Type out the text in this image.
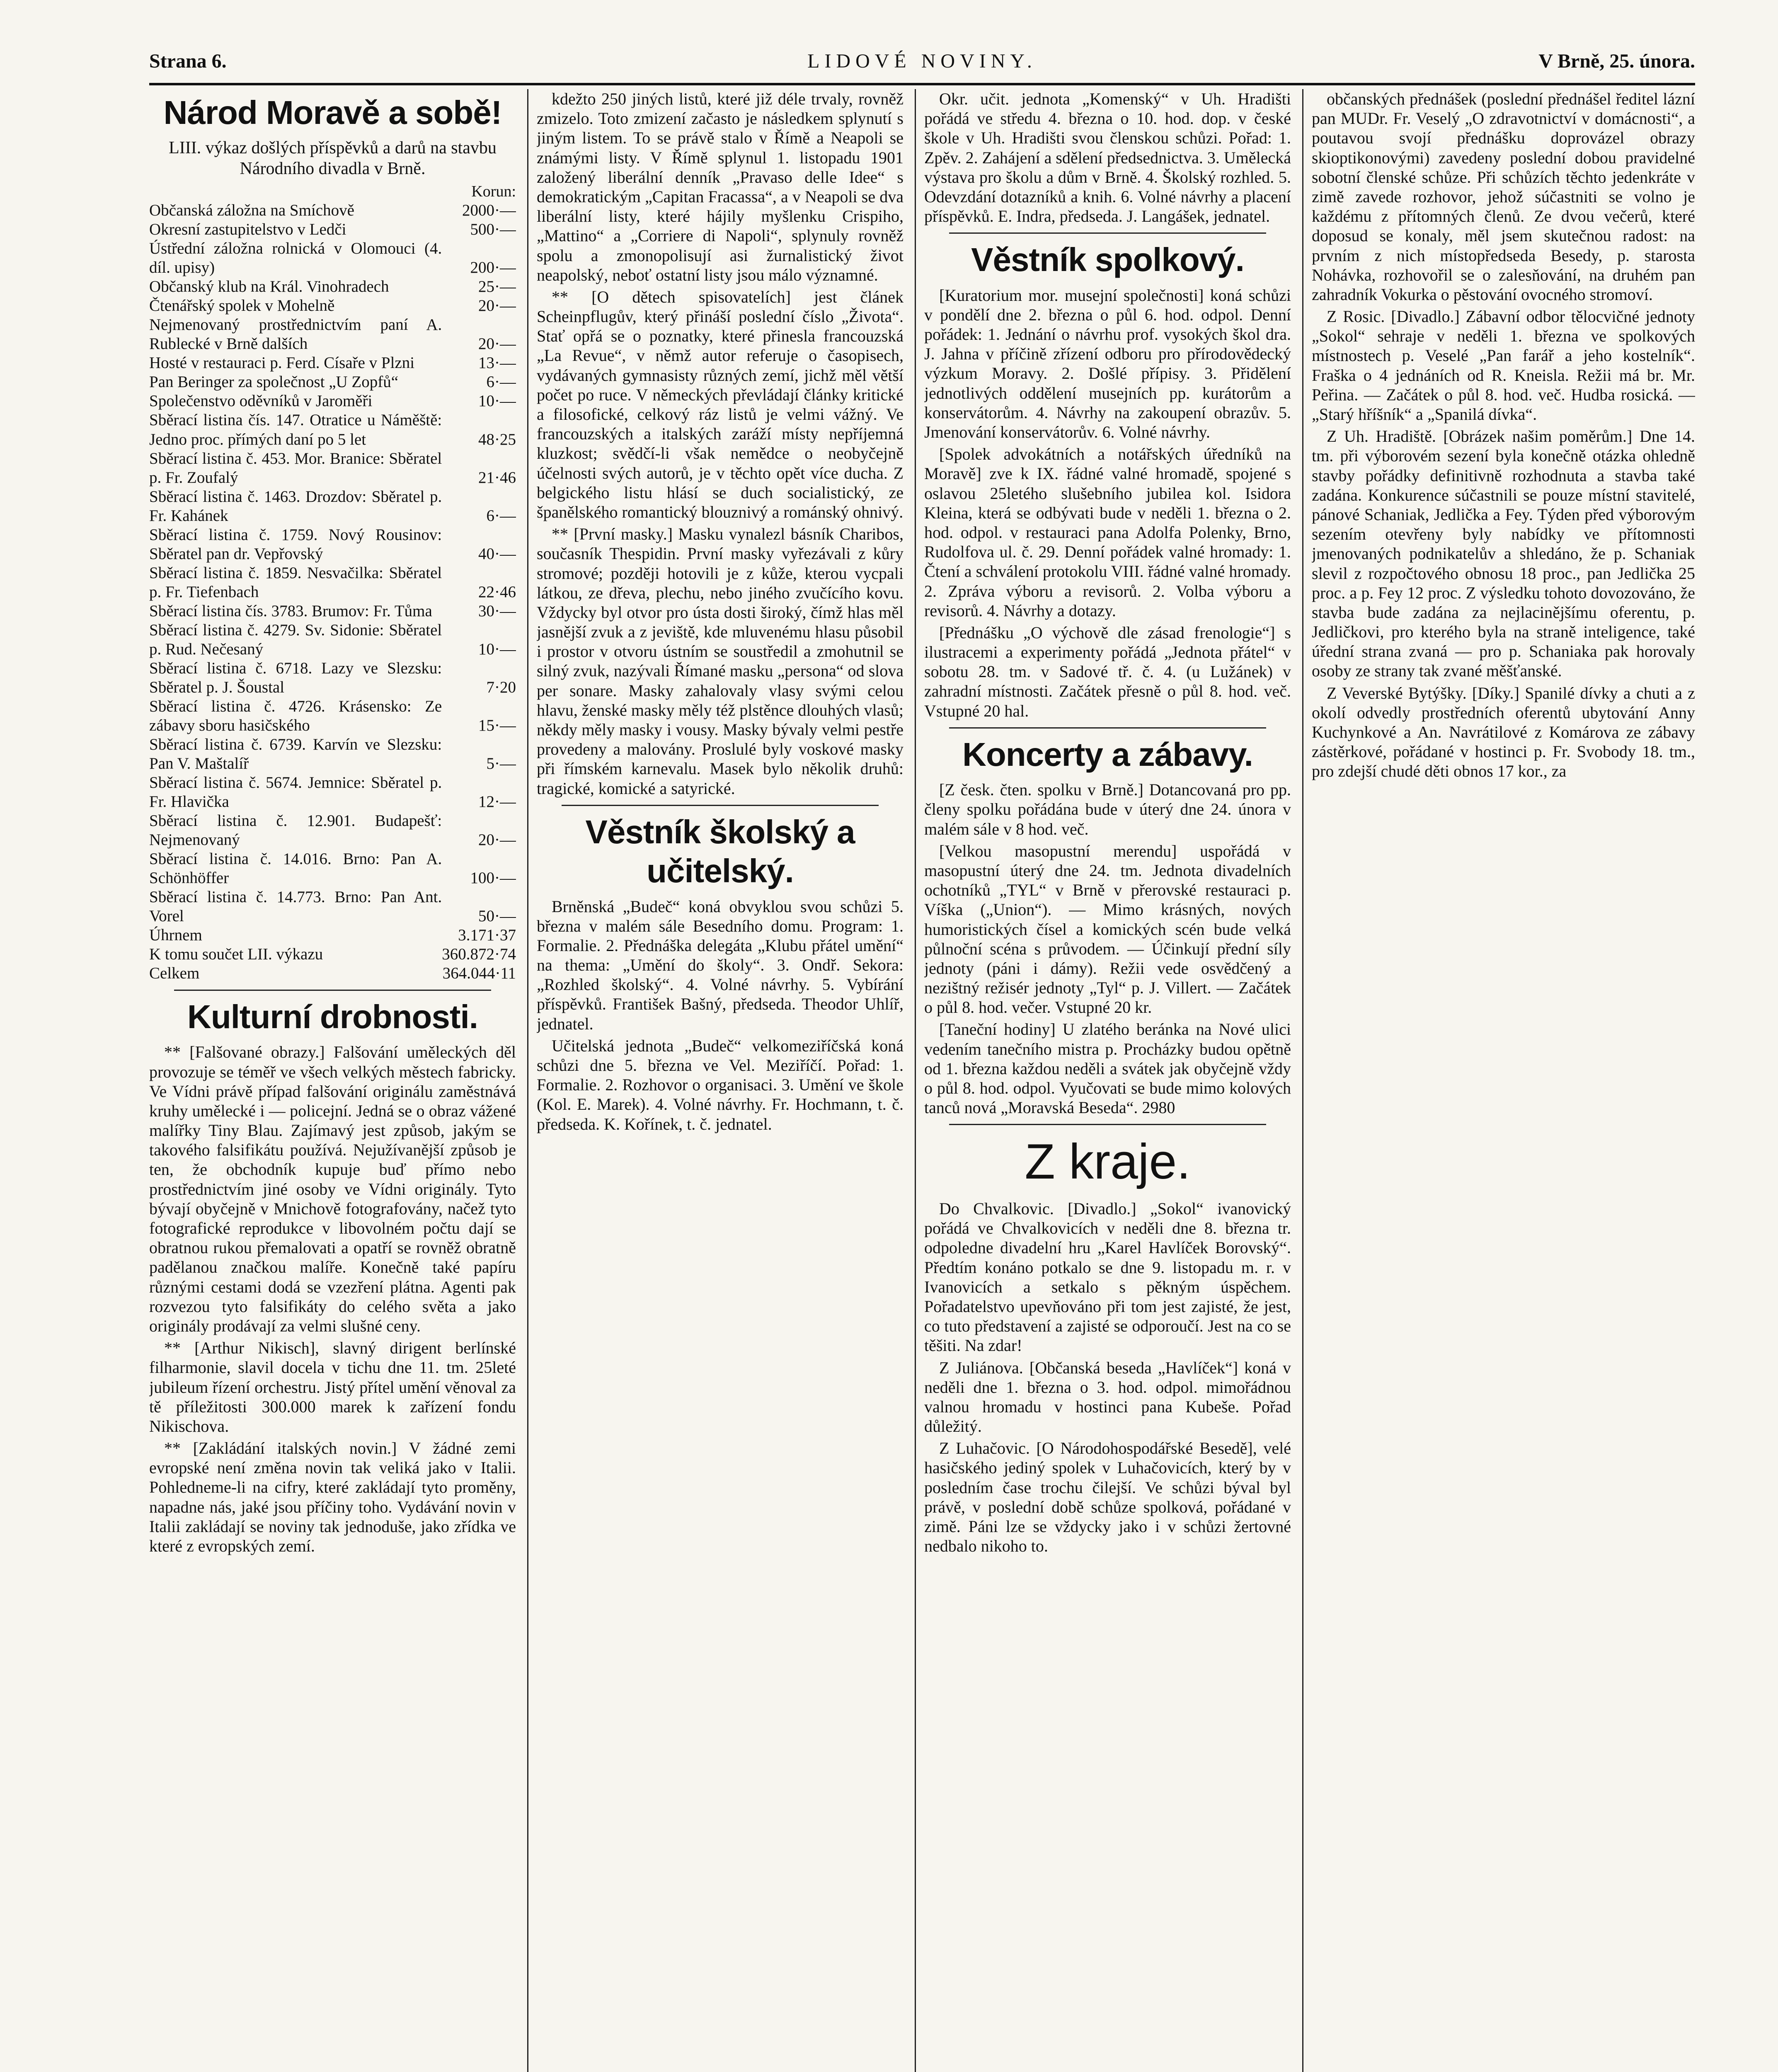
Strana 6.	LIDOVÉ NOVINY.	V Brně, 25. února.
Národ Moravě a sobě!
LIII. výkaz došlých příspěvků a darů na stavbu Národního divadla v Brně.
Korun:
Občanská záložna na Smíchově	2000·—
Okresní zastupitelstvo v Ledči	500·—
Ústřední záložna rolnická v Olomouci (4. díl. upisy)	200·—
Občanský klub na Král. Vinohradech	25·—
Čtenářský spolek v Mohelně	20·—
Nejmenovaný prostřednictvím paní A. Rublecké v Brně dalších	20·—
Hosté v restauraci p. Ferd. Císaře v Plzni	13·—
Pan Beringer za společnost „U Zopfů“	6·—
Společenstvo oděvníků v Jaroměři	10·—
Sběrací listina čís. 147. Otratice u Náměště: Jedno proc. přímých daní po 5 let	48·25
Sběrací listina č. 453. Mor. Branice: Sběratel p. Fr. Zoufalý	21·46
Sběrací listina č. 1463. Drozdov: Sběratel p. Fr. Kahánek	6·—
Sběrací listina č. 1759. Nový Rousinov: Sběratel pan dr. Vepřovský	40·—
Sběrací listina č. 1859. Nesvačilka: Sběratel p. Fr. Tiefenbach	22·46
Sběrací listina čís. 3783. Brumov: Fr. Tůma	30·—
Sběrací listina č. 4279. Sv. Sidonie: Sběratel p. Rud. Nečesaný	10·—
Sběrací listina č. 6718. Lazy ve Slezsku: Sběratel p. J. Šoustal	7·20
Sběrací listina č. 4726. Krásensko: Ze zábavy sboru hasičského	15·—
Sběrací listina č. 6739. Karvín ve Slezsku: Pan V. Maštalíř	5·—
Sběrací listina č. 5674. Jemnice: Sběratel p. Fr. Hlavička	12·—
Sběrací listina č. 12.901. Budapešť: Nejmenovaný	20·—
Sběrací listina č. 14.016. Brno: Pan A. Schönhöffer	100·—
Sběrací listina č. 14.773. Brno: Pan Ant. Vorel	50·—
Úhrnem	3.171·37
K tomu součet LII. výkazu	360.872·74
Celkem	364.044·11
Kulturní drobnosti.

** [Falšované obrazy.] Falšování uměleckých děl provozuje se téměř ve všech velkých městech fabricky. Ve Vídni právě případ falšování originálu zaměstnává kruhy umělecké i — policejní. Jedná se o obraz vážené malířky Tiny Blau. Zajímavý jest způsob, jakým se takového falsifikátu používá. Nejužívanější způsob je ten, že obchodník kupuje buď přímo nebo prostřednictvím jiné osoby ve Vídni originály. Tyto bývají obyčejně v Mnichově fotografovány, načež tyto fotografické reprodukce v libovolném počtu dají se obratnou rukou přemalovati a opatří se rovněž obratně padělanou značkou malíře. Konečně také papíru různými cestami dodá se vzezření plátna. Agenti pak rozvezou tyto falsifikáty do celého světa a jako originály prodávají za velmi slušné ceny.

** [Arthur Nikisch], slavný dirigent berlínské filharmonie, slavil docela v tichu dne 11. tm. 25leté jubileum řízení orchestru. Jistý přítel umění věnoval za tě příležitosti 300.000 marek k zařízení fondu Nikischova.

** [Zakládání italských novin.] V žádné zemi evropské není změna novin tak veliká jako v Italii. Pohledneme-li na cifry, které zakládají tyto proměny, napadne nás, jaké jsou příčiny toho. Vydávání novin v Italii zakládají se noviny tak jednoduše, jako zřídka ve které z evropských zemí.

kdežto 250 jiných listů, které již déle trvaly, rovněž zmizelo. Toto zmizení začasto je následkem splynutí s jiným listem. To se právě stalo v Římě a Neapoli se známými listy. V Římě splynul 1. listopadu 1901 založený liberální denník „Pravaso delle Idee“ s demokratickým „Capitan Fracassa“, a v Neapoli se dva liberální listy, které hájily myšlenku Crispiho, „Mattino“ a „Corriere di Napoli“, splynuly rovněž spolu a zmonopolisují asi žurnalistický život neapolský, neboť ostatní listy jsou málo významné.

** [O dětech spisovatelích] jest článek Scheinpflugův, který přináší poslední číslo „Života“. Stať opřá se o poznatky, které přinesla francouzská „La Revue“, v němž autor referuje o časopisech, vydávaných gymnasisty různých zemí, jichž měl větší počet po ruce. V německých převládají články kritické a filosofické, celkový ráz listů je velmi vážný. Ve francouzských a italských zaráží místy nepříjemná kluzkost; svědčí-li však nemědce o neobyčejně účelnosti svých autorů, je v těchto opět více ducha. Z belgického listu hlásí se duch socialistický, ze španělského romantický blouznivý a románský ohnivý.

** [První masky.] Masku vynalezl básník Charibos, současník Thespidin. První masky vyřezávali z kůry stromové; později hotovili je z kůže, kterou vycpali látkou, ze dřeva, plechu, nebo jiného zvučícího kovu. Vždycky byl otvor pro ústa dosti široký, čímž hlas měl jasnější zvuk a z jeviště, kde mluvenému hlasu působil i prostor v otvoru ústním se soustředil a zmohutnil se silný zvuk, nazývali Římané masku „persona“ od slova per sonare. Masky zahalovaly vlasy svými celou hlavu, ženské masky měly též plstěnce dlouhých vlasů; někdy měly masky i vousy. Masky bývaly velmi pestře provedeny a malovány. Proslulé byly voskové masky při římském karnevalu. Masek bylo několik druhů: tragické, komické a satyrické.

Věstník školský a učitelský.

Brněnská „Budeč“ koná obvyklou svou schůzi 5. března v malém sále Besedního domu. Program: 1. Formalie. 2. Přednáška delegáta „Klubu přátel umění“ na thema: „Umění do školy“. 3. Ondř. Sekora: „Rozhled školský“. 4. Volné návrhy. 5. Vybírání příspěvků. František Bašný, předseda. Theodor Uhlíř, jednatel.

Učitelská jednota „Budeč“ velkomeziříčská koná schůzi dne 5. března ve Vel. Meziříčí. Pořad: 1. Formalie. 2. Rozhovor o organisaci. 3. Umění ve škole (Kol. E. Marek). 4. Volné návrhy. Fr. Hochmann, t. č. předseda. K. Kořínek, t. č. jednatel.

Okr. učit. jednota „Komenský“ v Uh. Hradišti pořádá ve středu 4. března o 10. hod. dop. v české škole v Uh. Hradišti svou členskou schůzi. Pořad: 1. Zpěv. 2. Zahájení a sdělení předsednictva. 3. Umělecká výstava pro školu a dům v Brně. 4. Školský rozhled. 5. Odevzdání dotazníků a knih. 6. Volné návrhy a placení příspěvků. E. Indra, předseda. J. Langášek, jednatel.

Věstník spolkový.

[Kuratorium mor. musejní společnosti] koná schůzi v pondělí dne 2. března o půl 6. hod. odpol. Denní pořádek: 1. Jednání o návrhu prof. vysokých škol dra. J. Jahna v příčině zřízení odboru pro přírodovědecký výzkum Moravy. 2. Došlé přípisy. 3. Přidělení jednotlivých oddělení musejních pp. kurátorům a konservátorům. 4. Návrhy na zakoupení obrazův. 5. Jmenování konservátorův. 6. Volné návrhy.

[Spolek advokátních a notářských úředníků na Moravě] zve k IX. řádné valné hromadě, spojené s oslavou 25letého slušebního jubilea kol. Isidora Kleina, která se odbývati bude v neděli 1. března o 2. hod. odpol. v restauraci pana Adolfa Polenky, Brno, Rudolfova ul. č. 29. Denní pořádek valné hromady: 1. Čtení a schválení protokolu VIII. řádné valné hromady. 2. Zpráva výboru a revisorů. 2. Volba výboru a revisorů. 4. Návrhy a dotazy.

[Přednášku „O výchově dle zásad frenologie“] s ilustracemi a experimenty pořádá „Jednota přátel“ v sobotu 28. tm. v Sadové tř. č. 4. (u Lužánek) v zahradní místnosti. Začátek přesně o půl 8. hod. več. Vstupné 20 hal.

Koncerty a zábavy.

[Z česk. čten. spolku v Brně.] Dotancovaná pro pp. členy spolku pořádána bude v úterý dne 24. února v malém sále v 8 hod. več.

[Velkou masopustní merendu] uspořádá v masopustní úterý dne 24. tm. Jednota divadelních ochotníků „TYL“ v Brně v přerovské restauraci p. Víška („Union“). — Mimo krásných, nových humoristických čísel a komických scén bude velká půlnoční scéna s průvodem. — Účinkují přední síly jednoty (páni i dámy). Režii vede osvědčený a nezištný režisér jednoty „Tyl“ p. J. Villert. — Začátek o půl 8. hod. večer. Vstupné 20 kr.

[Taneční hodiny] U zlatého beránka na Nové ulici vedením tanečního mistra p. Procházky budou opětně od 1. března každou neděli a svátek jak obyčejně vždy o půl 8. hod. odpol. Vyučovati se bude mimo kolových tanců nová „Moravská Beseda“. 2980

Z kraje.

Do Chvalkovic. [Divadlo.] „Sokol“ ivanovický pořádá ve Chvalkovicích v neděli dne 8. března tr. odpoledne divadelní hru „Karel Havlíček Borovský“. Předtím konáno potkalo se dne 9. listopadu m. r. v Ivanovicích a setkalo s pěkným úspěchem. Pořadatelstvo upevňováno při tom jest zajisté, že jest, co tuto představení a zajisté se odporoučí. Jest na co se těšiti. Na zdar!

Z Juliánova. [Občanská beseda „Havlíček“] koná v neděli dne 1. března o 3. hod. odpol. mimořádnou valnou hromadu v hostinci pana Kubeše. Pořad důležitý.

Z Luhačovic. [O Národohospodářské Besedě], velé hasičského jediný spolek v Luhačovicích, který by v posledním čase trochu čilejší. Ve schůzi býval byl právě, v poslední době schůze spolková, pořádané v zimě. Páni lze se vždycky jako i v schůzi žertovné nedbalo nikoho to.

občanských přednášek (poslední přednášel ředitel lázní pan MUDr. Fr. Veselý „O zdravotnictví v domácnosti“, a poutavou svojí přednášku doprovázel obrazy skioptikonovými) zavedeny poslední dobou pravidelné sobotní členské schůze. Při schůzích těchto jedenkráte v zimě zavede rozhovor, jehož súčastniti se volno je každému z přítomných členů. Ze dvou večerů, které doposud se konaly, měl jsem skutečnou radost: na prvním z nich místopředseda Besedy, p. starosta Nohávka, rozhovořil se o zalesňování, na druhém pan zahradník Vokurka o pěstování ovocného stromoví.

Z Rosic. [Divadlo.] Zábavní odbor tělocvičné jednoty „Sokol“ sehraje v neděli 1. března ve spolkových místnostech p. Veselé „Pan farář a jeho kostelník“. Fraška o 4 jednáních od R. Kneisla. Režii má br. Mr. Peřina. — Začátek o půl 8. hod. več. Hudba rosická. — „Starý hříšník“ a „Spanilá dívka“.

Z Uh. Hradiště. [Obrázek našim poměrům.] Dne 14. tm. při výborovém sezení byla konečně otázka ohledně stavby pořádky definitivně rozhodnuta a stavba také zadána. Konkurence súčastnili se pouze místní stavitelé, pánové Schaniak, Jedlička a Fey. Týden před výborovým sezením otevřeny byly nabídky ve přítomnosti jmenovaných podnikatelův a shledáno, že p. Schaniak slevil z rozpočtového obnosu 18 proc., pan Jedlička 25 proc. a p. Fey 12 proc. Z výsledku tohoto dovozováno, že stavba bude zadána za nejlacinějšímu oferentu, p. Jedličkovi, pro kterého byla na straně inteligence, také úřední strana zvaná — pro p. Schaniaka pak horovaly osoby ze strany tak zvané měšťanské.

Z Veverské Bytýšky. [Díky.] Spanilé dívky a chuti a z okolí odvedly prostředních oferentů ubytování Anny Kuchynkové a An. Navrátilové z Komárova ze zábavy zástěrkové, pořádané v hostinci p. Fr. Svobody 18. tm., pro zdejší chudé děti obnos 17 kor., za
